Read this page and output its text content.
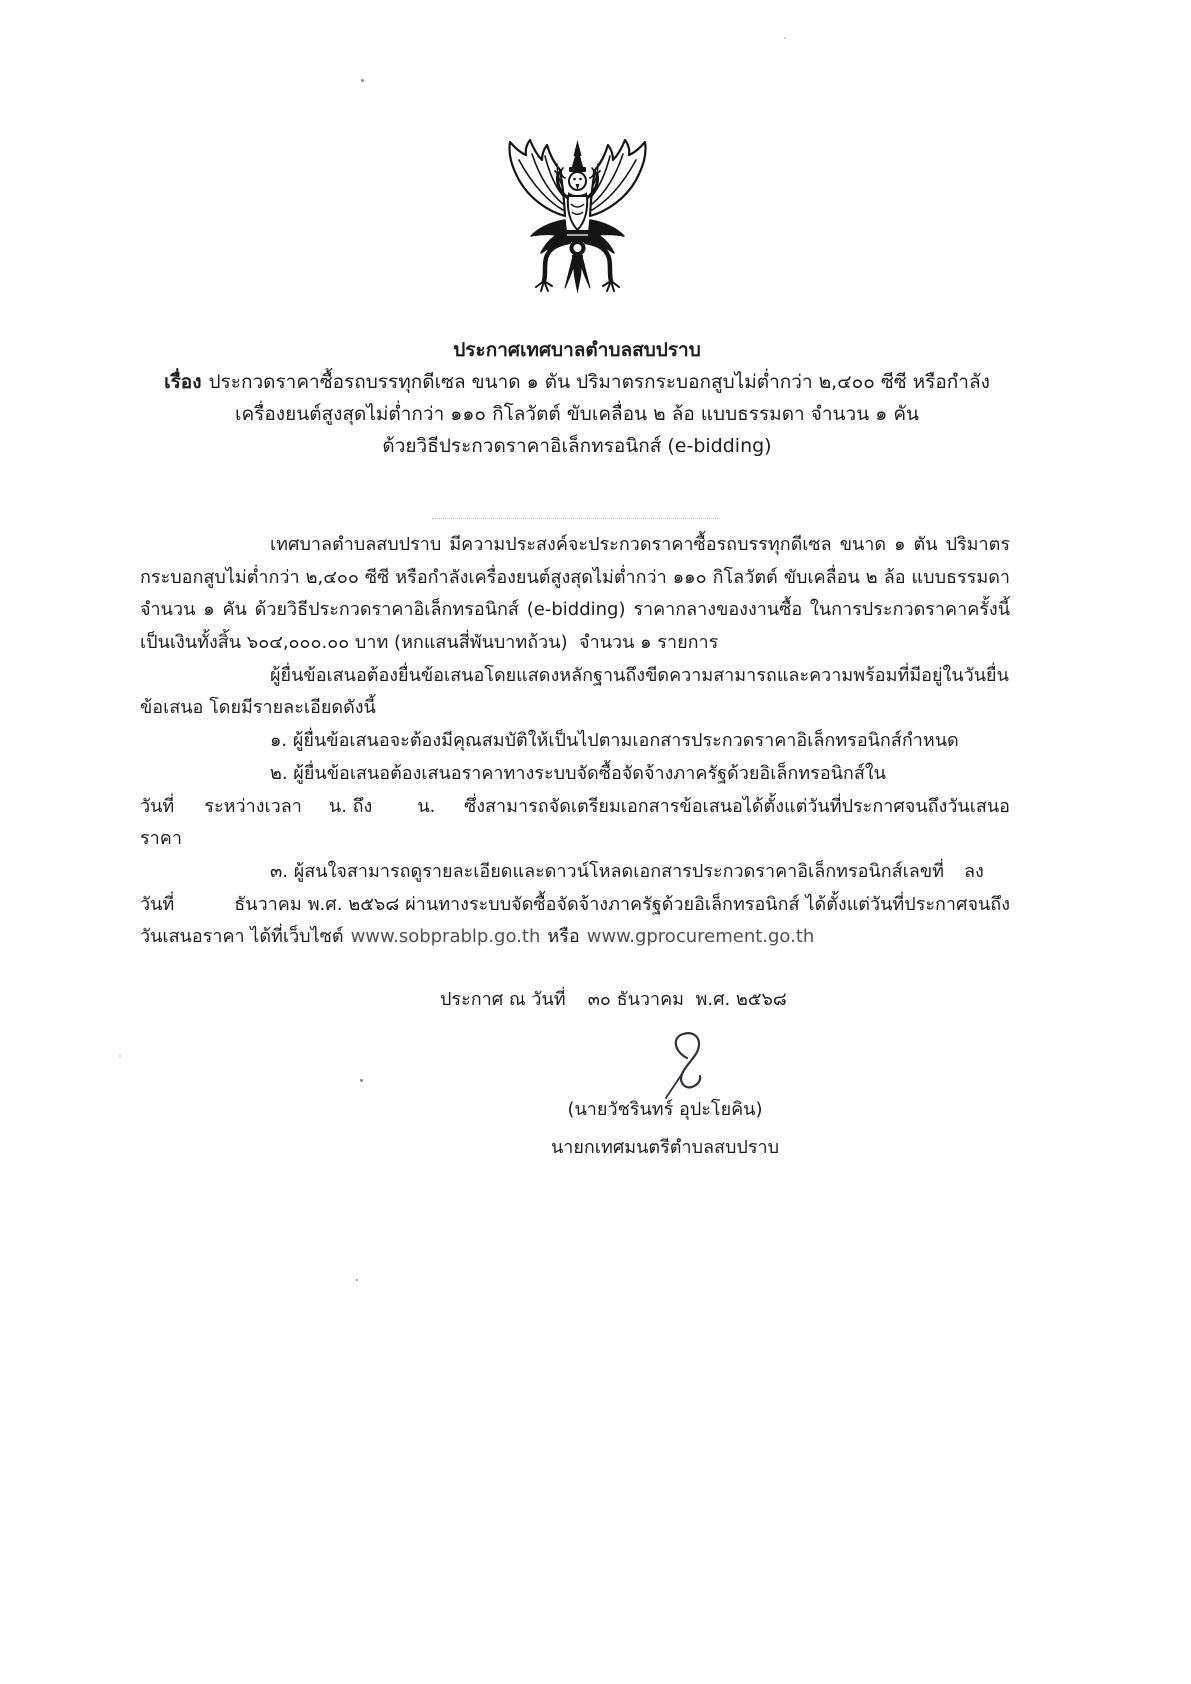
ประกาศเทศบาลตำบลสบปราบ
เรื่อง ประกวดราคาซื้อรถบรรทุกดีเซล ขนาด ๑ ตัน ปริมาตรกระบอกสูบไม่ต่ำกว่า ๒,๔๐๐ ซีซี หรือกำลัง
เครื่องยนต์สูงสุดไม่ต่ำกว่า ๑๑๐ กิโลวัตต์ ขับเคลื่อน ๒ ล้อ แบบธรรมดา จำนวน ๑ คัน
ด้วยวิธีประกวดราคาอิเล็กทรอนิกส์ (e-bidding)
เทศบาลตำบลสบปราบ มีความประสงค์จะประกวดราคาซื้อรถบรรทุกดีเซล ขนาด ๑ ตัน ปริมาตร
กระบอกสูบไม่ต่ำกว่า ๒,๔๐๐ ซีซี หรือกำลังเครื่องยนต์สูงสุดไม่ต่ำกว่า ๑๑๐ กิโลวัตต์ ขับเคลื่อน ๒ ล้อ แบบธรรมดา
จำนวน ๑ คัน ด้วยวิธีประกวดราคาอิเล็กทรอนิกส์ (e-bidding) ราคากลางของงานซื้อ ในการประกวดราคาครั้งนี้
เป็นเงินทั้งสิ้น ๖๐๔,๐๐๐.๐๐ บาท (หกแสนสี่พันบาทถ้วน)  จำนวน ๑ รายการ
ผู้ยื่นข้อเสนอต้องยื่นข้อเสนอโดยแสดงหลักฐานถึงขีดความสามารถและความพร้อมที่มีอยู่ในวันยื่น
ข้อเสนอ โดยมีรายละเอียดดังนี้
๑. ผู้ยื่นข้อเสนอจะต้องมีคุณสมบัติให้เป็นไปตามเอกสารประกวดราคาอิเล็กทรอนิกส์กำหนด
๒. ผู้ยื่นข้อเสนอต้องเสนอราคาทางระบบจัดซื้อจัดจ้างภาครัฐด้วยอิเล็กทรอนิกส์ใน
วันที่ ระหว่างเวลา น. ถึง	น. ซึ่งสามารถจัดเตรียมเอกสารข้อเสนอได้ตั้งแต่วันที่ประกาศจนถึงวันเสนอ
ราคา
๓. ผู้สนใจสามารถดูรายละเอียดและดาวน์โหลดเอกสารประกวดราคาอิเล็กทรอนิกส์เลขที่ ลง
วันที่	ธันวาคม พ.ศ. ๒๕๖๘ ผ่านทางระบบจัดซื้อจัดจ้างภาครัฐด้วยอิเล็กทรอนิกส์ ได้ตั้งแต่วันที่ประกาศจนถึง
วันเสนอราคา ได้ที่เว็บไซต์ www.sobprablp.go.th หรือ www.gprocurement.go.th
ประกาศ ณ วันที่ ๓๐ ธันวาคม  พ.ศ. ๒๕๖๘
(นายวัชรินทร์ อุปะโยคิน)
นายกเทศมนตรีตำบลสบปราบ
